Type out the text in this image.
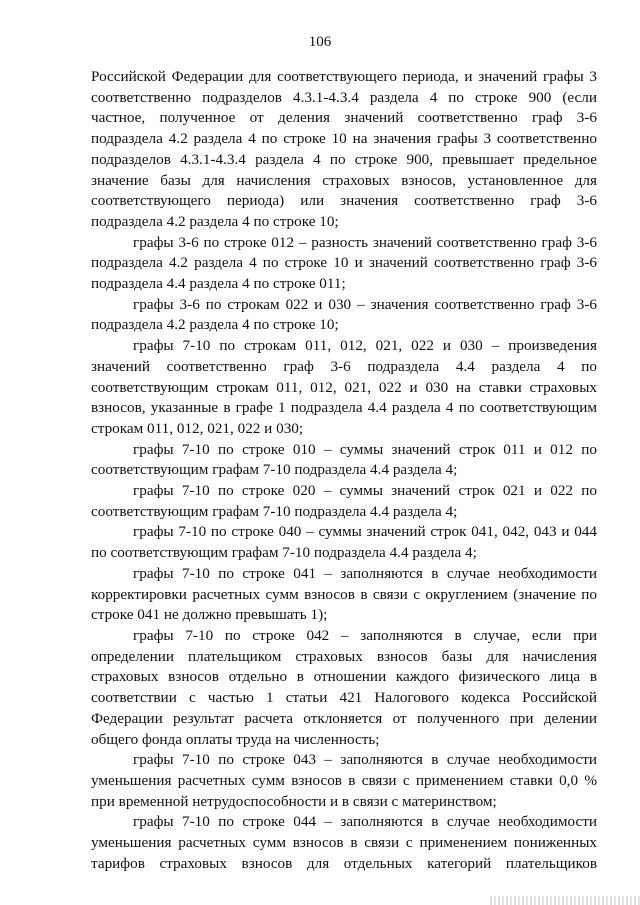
106

Российской Федерации для соответствующего периода, и значений графы 3 соответственно подразделов 4.3.1-4.3.4 раздела 4 по строке 900 (если частное, полученное от деления значений соответственно граф 3-6 подраздела 4.2 раздела 4 по строке 10 на значения графы 3 соответственно подразделов 4.3.1-4.3.4 раздела 4 по строке 900, превышает предельное значение базы для начисления страховых взносов, установленное для соответствующего периода) или значения соответственно граф 3-6 подраздела 4.2 раздела 4 по строке 10;

графы 3-6 по строке 012 – разность значений соответственно граф 3-6 подраздела 4.2 раздела 4 по строке 10 и значений соответственно граф 3-6 подраздела 4.4 раздела 4 по строке 011;

графы 3-6 по строкам 022 и 030 – значения соответственно граф 3-6 подраздела 4.2 раздела 4 по строке 10;

графы 7-10 по строкам 011, 012, 021, 022 и 030 – произведения значений соответственно граф 3-6 подраздела 4.4 раздела 4 по соответствующим строкам 011, 012, 021, 022 и 030 на ставки страховых взносов, указанные в графе 1 подраздела 4.4 раздела 4 по соответствующим строкам 011, 012, 021, 022 и 030;

графы 7-10 по строке 010 – суммы значений строк 011 и 012 по соответствующим графам 7-10 подраздела 4.4 раздела 4;

графы 7-10 по строке 020 – суммы значений строк 021 и 022 по соответствующим графам 7-10 подраздела 4.4 раздела 4;

графы 7-10 по строке 040 – суммы значений строк 041, 042, 043 и 044 по соответствующим графам 7-10 подраздела 4.4 раздела 4;

графы 7-10 по строке 041 – заполняются в случае необходимости корректировки расчетных сумм взносов в связи с округлением (значение по строке 041 не должно превышать 1);

графы 7-10 по строке 042 – заполняются в случае, если при определении плательщиком страховых взносов базы для начисления страховых взносов отдельно в отношении каждого физического лица в соответствии с частью 1 статьи 421 Налогового кодекса Российской Федерации результат расчета отклоняется от полученного при делении общего фонда оплаты труда на численность;

графы 7-10 по строке 043 – заполняются в случае необходимости уменьшения расчетных сумм взносов в связи с применением ставки 0,0 % при временной нетрудоспособности и в связи с материнством;

графы 7-10 по строке 044 – заполняются в случае необходимости уменьшения расчетных сумм взносов в связи с применением пониженных тарифов страховых взносов для отдельных категорий плательщиков
